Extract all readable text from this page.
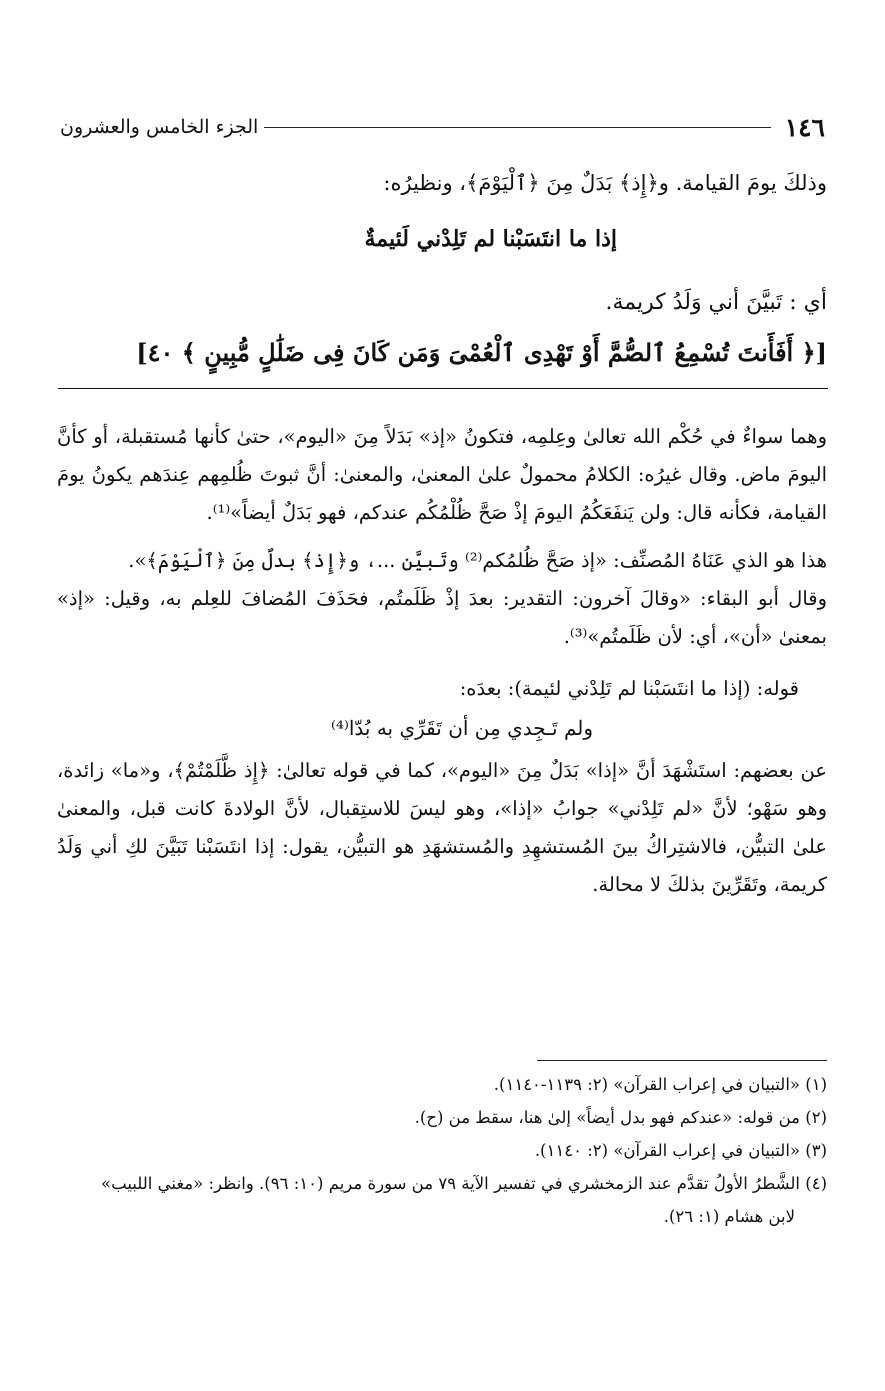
١٤٦
الجزء الخامس والعشرون
وذلكَ يومَ القيامة. و﴿إِذ﴾ بَدَلٌ مِنَ ﴿ٱلْيَوْمَ﴾، ونظيرُه:
إذا ما انتَسَبْنا لم تَلِدْني لَئيمةٌ
أي : تَبيَّنَ أني وَلَدُ كريمة.
[﴿ أَفَأَنتَ تُسْمِعُ ٱلصُّمَّ أَوْ تَهْدِى ٱلْعُمْىَ وَمَن كَانَ فِى ضَلَٰلٍ مُّبِينٍ ﴾ ٤٠]
وهما سواءٌ في حُكْم الله تعالىٰ وعِلمِه، فتكونُ «إذ» بَدَلاً مِنَ «اليوم»، حتىٰ كأنها مُستقبلة، أو كأنَّ اليومَ ماض. وقال غيرُه: الكلامُ محمولٌ علىٰ المعنىٰ، والمعنىٰ: أنَّ ثبوتَ ظُلمِهم عِندَهم يكونُ يومَ القيامة، فكأنه قال: ولن يَنفَعَكُمُ اليومَ إذْ صَحَّ ظُلْمُكُم عندكم، فهو بَدَلٌ أيضاً»⁽¹⁾.
هذا هو الذي عَنَاهُ المُصنِّف: «إذ صَحَّ ظُلمُكم⁽²⁾ وتَبيَّن ...، و﴿إِذ﴾ بدلٌ مِنَ ﴿ٱلْيَوْمَ﴾».
وقال أبو البقاء: «وقالَ آخرون: التقدير: بعدَ إذْ ظَلَمتُم، فحَذَفَ المُضافَ للعِلم به، وقيل: «إذ» بمعنىٰ «أن»، أي: لأن ظَلَمتُم»⁽³⁾.
قوله: (إذا ما انتَسَبْنا لم تَلِدْني لئيمة): بعدَه:
ولم تَـجِدي مِن أن تَقَرِّي به بُدّا⁽⁴⁾
عن بعضهم: استَشْهَدَ أنَّ «إذا» بَدَلٌ مِنَ «اليوم»، كما في قوله تعالىٰ: ﴿إِذ ظَّلَمْتُمْ﴾، و«ما» زائدة، وهو سَهْو؛ لأنَّ «لم تَلِدْني» جوابُ «إذا»، وهو ليسَ للاستِقبال، لأنَّ الولادةَ كانت قبل، والمعنىٰ علىٰ التبيُّن، فالاشتِراكُ بينَ المُستشهِدِ والمُستشهَدِ هو التبيُّن، يقول: إذا انتَسَبْنا تَبَيَّنَ لكِ أني وَلَدُ كريمة، وتَقَرِّينَ بذلكَ لا محالة.
(١) «التبيان في إعراب القرآن» (٢: ١١٣٩-١١٤٠).
(٢) من قوله: «عندكم فهو بدل أيضاً» إلىٰ هنا، سقط من (ح).
(٣) «التبيان في إعراب القرآن» (٢: ١١٤٠).
(٤) الشَّطرُ الأولُ تقدَّم عند الزمخشري في تفسير الآية ٧٩ من سورة مريم (١٠: ٩٦). وانظر: «مغني اللبيب»
لابن هشام (١: ٢٦).
